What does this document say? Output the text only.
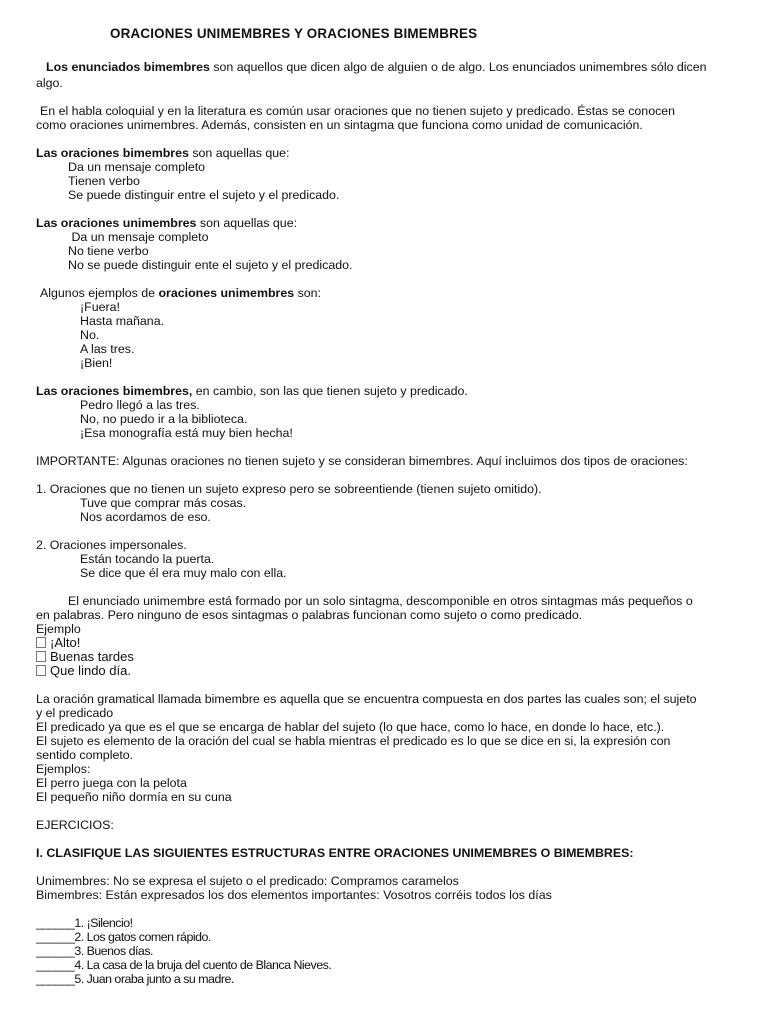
ORACIONES UNIMEMBRES Y ORACIONES BIMEMBRES
Los enunciados bimembres son aquellos que dicen algo de alguien o de algo. Los enunciados unimembres sólo dicen
algo.
En el habla coloquial y en la literatura es común usar oraciones que no tienen sujeto y predicado. Éstas se conocen
como oraciones unimembres. Además, consisten en un sintagma que funciona como unidad de comunicación.
Las oraciones bimembres son aquellas que:
Da un mensaje completo
Tienen verbo
Se puede distinguir entre el sujeto y el predicado.
Las oraciones unimembres son aquellas que:
Da un mensaje completo
No tiene verbo
No se puede distinguir ente el sujeto y el predicado.
Algunos ejemplos de oraciones unimembres son:
¡Fuera!
Hasta mañana.
No.
A las tres.
¡Bien!
Las oraciones bimembres, en cambio, son las que tienen sujeto y predicado.
Pedro llegó a las tres.
No, no puedo ir a la biblioteca.
¡Esa monografía está muy bien hecha!
IMPORTANTE: Algunas oraciones no tienen sujeto y se consideran bimembres. Aquí incluimos dos tipos de oraciones:
1. Oraciones que no tienen un sujeto expreso pero se sobreentiende (tienen sujeto omitido).
Tuve que comprar más cosas.
Nos acordamos de eso.
2. Oraciones impersonales.
Están tocando la puerta.
Se dice que él era muy malo con ella.
El enunciado unimembre está formado por un solo sintagma, descomponible en otros sintagmas más pequeños o
en palabras. Pero ninguno de esos sintagmas o palabras funcionan como sujeto o como predicado.
Ejemplo
¡Alto!
Buenas tardes
Que lindo día.
La oración gramatical llamada bimembre es aquella que se encuentra compuesta en dos partes las cuales son; el sujeto
y el predicado
El predicado ya que es el que se encarga de hablar del sujeto (lo que hace, como lo hace, en donde lo hace, etc.).
El sujeto es elemento de la oración del cual se habla mientras el predicado es lo que se dice en si, la expresión con
sentido completo.
Ejemplos:
El perro juega con la pelota
El pequeño niño dormía en su cuna
EJERCICIOS:
I. CLASIFIQUE LAS SIGUIENTES ESTRUCTURAS ENTRE ORACIONES UNIMEMBRES O BIMEMBRES:
Unimembres: No se expresa el sujeto o el predicado: Compramos caramelos
Bimembres: Están expresados los dos elementos importantes: Vosotros corréis todos los días
______1. ¡Silencio!
______2. Los gatos comen rápido.
______3. Buenos días.
______4. La casa de la bruja del cuento de Blanca Nieves.
______5. Juan oraba junto a su madre.
